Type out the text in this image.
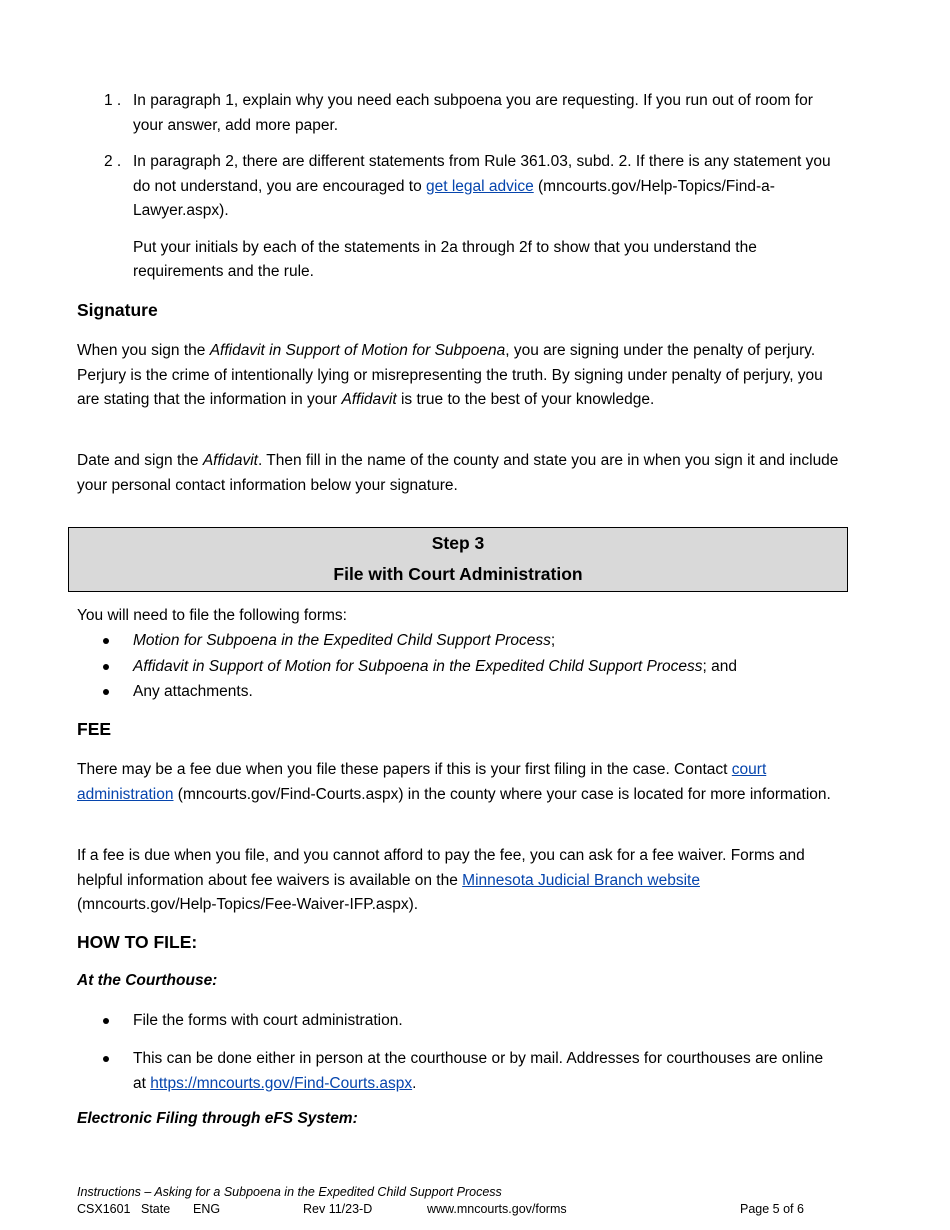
1 . In paragraph 1, explain why you need each subpoena you are requesting. If you run out of room for your answer, add more paper.

2 . In paragraph 2, there are different statements from Rule 361.03, subd. 2. If there is any statement you do not understand, you are encouraged to get legal advice (mncourts.gov/Help-Topics/Find-a-Lawyer.aspx).

Put your initials by each of the statements in 2a through 2f to show that you understand the requirements and the rule.

Signature

When you sign the Affidavit in Support of Motion for Subpoena, you are signing under the penalty of perjury. Perjury is the crime of intentionally lying or misrepresenting the truth. By signing under penalty of perjury, you are stating that the information in your Affidavit is true to the best of your knowledge.

Date and sign the Affidavit. Then fill in the name of the county and state you are in when you sign it and include your personal contact information below your signature.

Step 3
File with Court Administration

You will need to file the following forms:

Motion for Subpoena in the Expedited Child Support Process;

Affidavit in Support of Motion for Subpoena in the Expedited Child Support Process; and

Any attachments.

FEE

There may be a fee due when you file these papers if this is your first filing in the case. Contact court administration (mncourts.gov/Find-Courts.aspx) in the county where your case is located for more information.

If a fee is due when you file, and you cannot afford to pay the fee, you can ask for a fee waiver. Forms and helpful information about fee waivers is available on the Minnesota Judicial Branch website (mncourts.gov/Help-Topics/Fee-Waiver-IFP.aspx).

HOW TO FILE:
At the Courthouse:

File the forms with court administration.

This can be done either in person at the courthouse or by mail. Addresses for courthouses are online at https://mncourts.gov/Find-Courts.aspx.

Electronic Filing through eFS System:
Instructions – Asking for a Subpoena in the Expedited Child Support Process
CSX1601 State ENG	Rev 11/23-D	www.mncourts.gov/forms	Page 5 of 6
